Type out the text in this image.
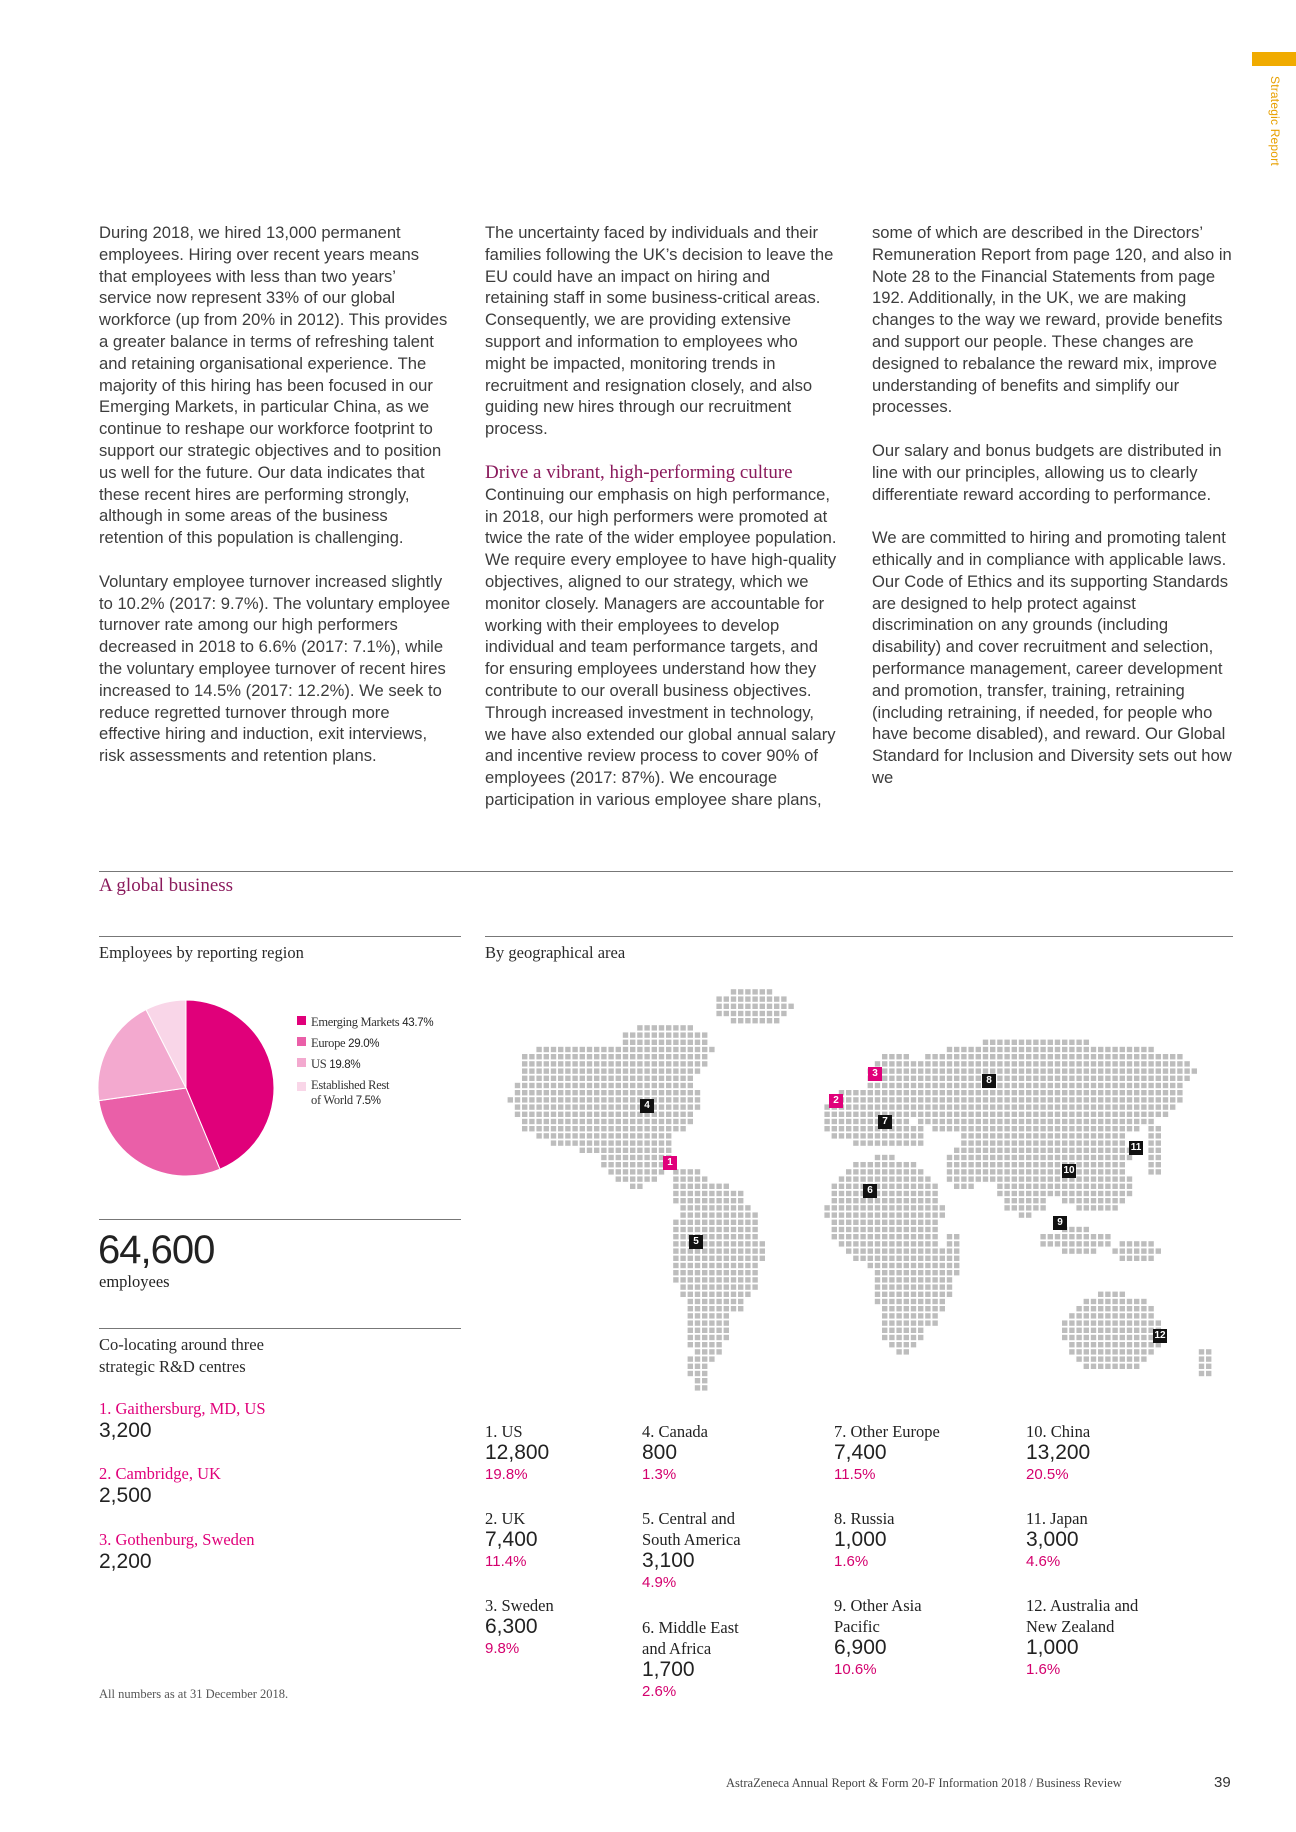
Strategic Report

During 2018, we hired 13,000 permanent employees. Hiring over recent years means that employees with less than two years’ service now represent 33% of our global workforce (up from 20% in 2012). This provides a greater balance in terms of refreshing talent and retaining organisational experience. The majority of this hiring has been focused in our Emerging Markets, in particular China, as we continue to reshape our workforce footprint to support our strategic objectives and to position us well for the future. Our data indicates that these recent hires are performing strongly, although in some areas of the business retention of this population is challenging.

Voluntary employee turnover increased slightly to 10.2% (2017: 9.7%). The voluntary employee turnover rate among our high performers decreased in 2018 to 6.6% (2017: 7.1%), while the voluntary employee turnover of recent hires increased to 14.5% (2017: 12.2%). We seek to reduce regretted turnover through more effective hiring and induction, exit interviews, risk assessments and retention plans.

The uncertainty faced by individuals and their families following the UK’s decision to leave the EU could have an impact on hiring and retaining staff in some business-critical areas. Consequently, we are providing extensive support and information to employees who might be impacted, monitoring trends in recruitment and resignation closely, and also guiding new hires through our recruitment process.

Drive a vibrant, high-performing culture

Continuing our emphasis on high performance, in 2018, our high performers were promoted at twice the rate of the wider employee population. We require every employee to have high-quality objectives, aligned to our strategy, which we monitor closely. Managers are accountable for working with their employees to develop individual and team performance targets, and for ensuring employees understand how they contribute to our overall business objectives. Through increased investment in technology, we have also extended our global annual salary and incentive review process to cover 90% of employees (2017: 87%). We encourage participation in various employee share plans,

some of which are described in the Directors’ Remuneration Report from page 120, and also in Note 28 to the Financial Statements from page 192. Additionally, in the UK, we are making changes to the way we reward, provide benefits and support our people. These changes are designed to rebalance the reward mix, improve understanding of benefits and simplify our processes.

Our salary and bonus budgets are distributed in line with our principles, allowing us to clearly differentiate reward according to performance.

We are committed to hiring and promoting talent ethically and in compliance with applicable laws. Our Code of Ethics and its supporting Standards are designed to help protect against discrimination on any grounds (including disability) and cover recruitment and selection, performance management, career development and promotion, transfer, training, retraining (including retraining, if needed, for people who have become disabled), and reward. Our Global Standard for Inclusion and Diversity sets out how we

A global business
Employees by reporting region	By geographical area
Emerging Markets 43.7%
Europe 29.0%
US 19.8%
Established Rest
of World 7.5%
64,600
employees
Co-locating around three
strategic R&D centres
1. Gaithersburg, MD, US
3,200
2. Cambridge, UK
2,500
3. Gothenburg, Sweden
2,200
1
2
3
4
5
6
7
8
9
10
11
12
1. US
12,800
19.8%
2. UK
7,400
11.4%
3. Sweden
6,300
9.8%
4. Canada
800
1.3%
5. Central and
South America
3,100
4.9%
6. Middle East
and Africa
1,700
2.6%
7. Other Europe
7,400
11.5%
8. Russia
1,000
1.6%
9. Other Asia
Pacific
6,900
10.6%
10. China
13,200
20.5%
11. Japan
3,000
4.6%
12. Australia and
New Zealand
1,000
1.6%
All numbers as at 31 December 2018.
AstraZeneca Annual Report & Form 20-F Information 2018 / Business Review	39
